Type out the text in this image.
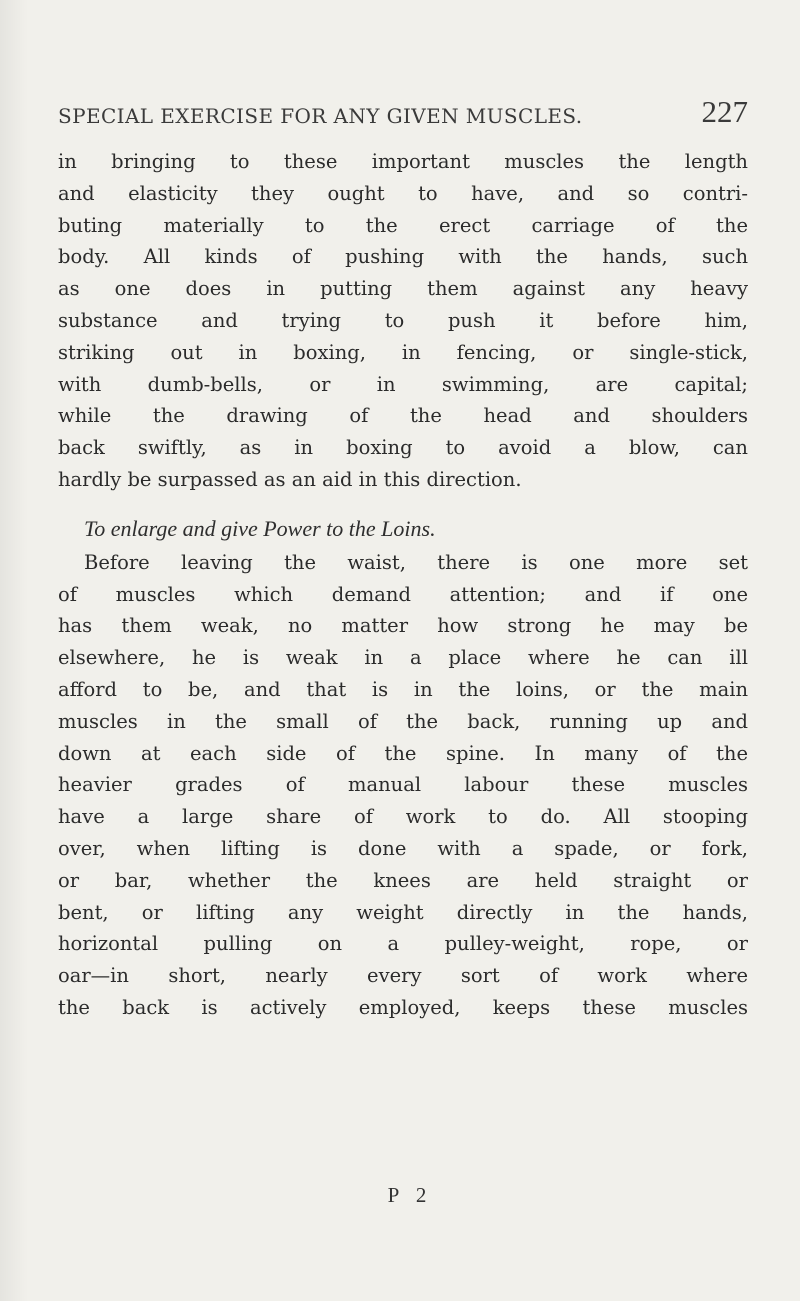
SPECIAL EXERCISE FOR ANY GIVEN MUSCLES.	227
in bringing to these important muscles the length
and elasticity they ought to have, and so contri-
buting materially to the erect carriage of the
body. All kinds of pushing with the hands, such
as one does in putting them against any heavy
substance and trying to push it before him,
striking out in boxing, in fencing, or single-stick,
with dumb-bells, or in swimming, are capital;
while the drawing of the head and shoulders
back swiftly, as in boxing to avoid a blow, can
hardly be surpassed as an aid in this direction.
To enlarge and give Power to the Loins.
Before leaving the waist, there is one more set
of muscles which demand attention; and if one
has them weak, no matter how strong he may be
elsewhere, he is weak in a place where he can ill
afford to be, and that is in the loins, or the main
muscles in the small of the back, running up and
down at each side of the spine. In many of the
heavier grades of manual labour these muscles
have a large share of work to do. All stooping
over, when lifting is done with a spade, or fork,
or bar, whether the knees are held straight or
bent, or lifting any weight directly in the hands,
horizontal pulling on a pulley-weight, rope, or
oar—in short, nearly every sort of work where
the back is actively employed, keeps these muscles
P 2
